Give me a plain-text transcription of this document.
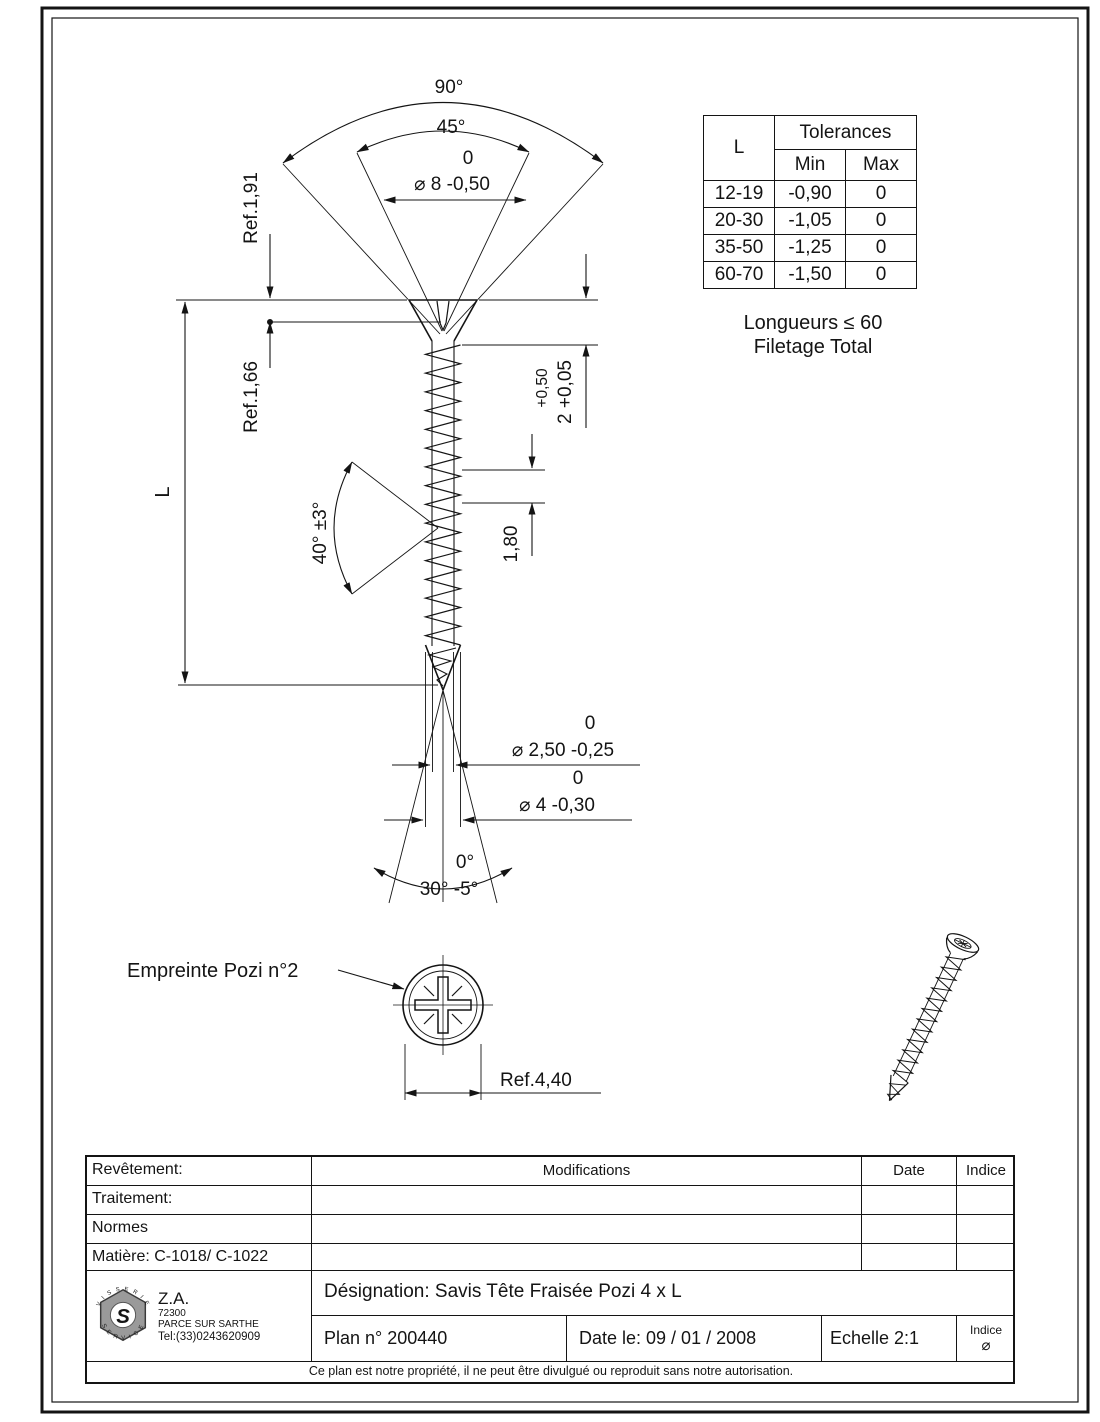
90°
45°
0
⌀ 8 -0,50
Ref.1,91
Ref.1,66
L
40° ±3°
+0,50 2 +0,05
1,80
0
⌀ 2,50 -0,25
0
⌀ 4 -0,30
0°
30° -5°
Empreinte Pozi n°2
Ref.4,40
L	Tolerances	
	Min	Max
12-19	-0,90	0
20-30	-1,05	0
35-50	-1,25	0
60-70	-1,50	0
Longueurs ≤ 60
Filetage Total
Revêtement:	Modifications	Date	Indice
Traitement:
Normes
Matière: C-1018/ C-1022
S
V I S S E R I E
S E R V I C E
Z.A.
72300
PARCE SUR SARTHE
Tel:(33)0243620909
Désignation: Savis Tête Fraisée Pozi 4 x L
Plan n° 200440	Date le: 09 / 01 / 2008	Echelle 2:1	Indice
⌀
Ce plan est notre propriété, il ne peut être divulgué ou reproduit sans notre autorisation.
